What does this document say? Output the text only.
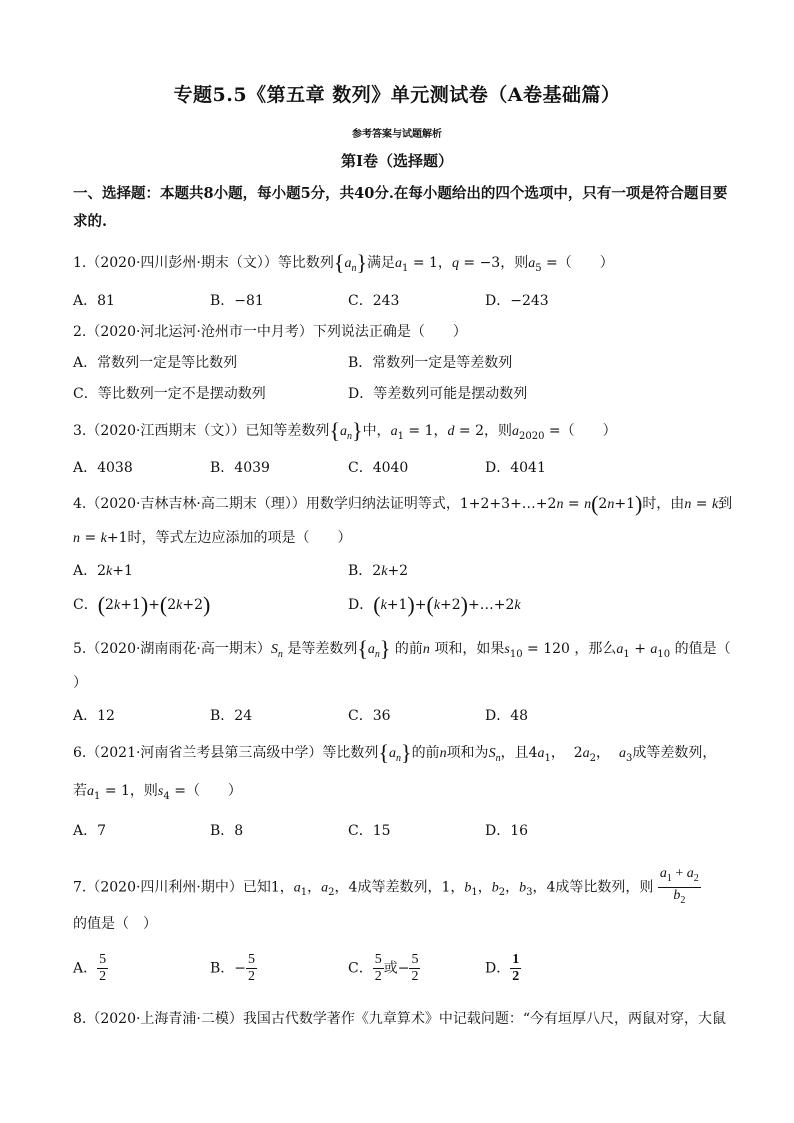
专题5.5《第五章 数列》单元测试卷（A卷基础篇）
参考答案与试题解析
第Ⅰ卷（选择题）
一、选择题：本题共8小题，每小题5分，共40分.在每小题给出的四个选项中，只有一项是符合题目要
求的.
1.（2020·四川彭州·期末（文））等比数列$\{a_n\}$满足$a_1 = 1$，q = −3，则$a_5$ =（　　）
A．81	B．−81	C．243	D．−243
2.（2020·河北运河·沧州市一中月考）下列说法正确是（　　）
A．常数列一定是等比数列	B．常数列一定是等差数列
C．等比数列一定不是摆动数列	D．等差数列可能是摆动数列
3.（2020·江西期末（文））已知等差数列$\{a_n\}$中，$a_1 = 1$，d = 2，则$a_{2020}$ =（　　）
A．4038	B．4039	C．4040	D．4041
4.（2020·吉林吉林·高二期末（理））用数学归纳法证明等式，1+2+3+…+2n = n(2n+1)时，由n = k到
n = k+1时，等式左边应添加的项是（　　）
A．2k+1	B．2k+2
C．(2k+1)+(2k+2)	D．(k+1)+(k+2)+…+2k
5.（2020·湖南雨花·高一期末）$S_n$ 是等差数列$\{a_n\}$ 的前n 项和，如果$s_{10} = 120$ ，那么$a_1 + a_{10}$ 的值是（
）
A．12	B．24	C．36	D．48
6.（2021·河南省兰考县第三高级中学）等比数列$\{a_n\}$的前n项和为$S_n$，且$4a_1$，  $2a_2$，  $a_3$成等差数列，
若$a_1 = 1$，则$s_4$ =（　　）
A．7	B．8	C．15	D．16
7.（2020·四川利州·期中）已知1，$a_1$，$a_2$，4成等差数列，1，$b_1$，$b_2$，$b_3$，4成等比数列，则 $\frac{a_1 + a_2}{b_2}$
的值是（　）
A． $\frac{5}{2}$	B．− $\frac{5}{2}$	C． $\frac{5}{2}$ 或− $\frac{5}{2}$	D． $\frac{1}{2}$
8.（2020·上海青浦·二模）我国古代数学著作《九章算术》中记载问题：“今有垣厚八尺，两鼠对穿，大鼠
